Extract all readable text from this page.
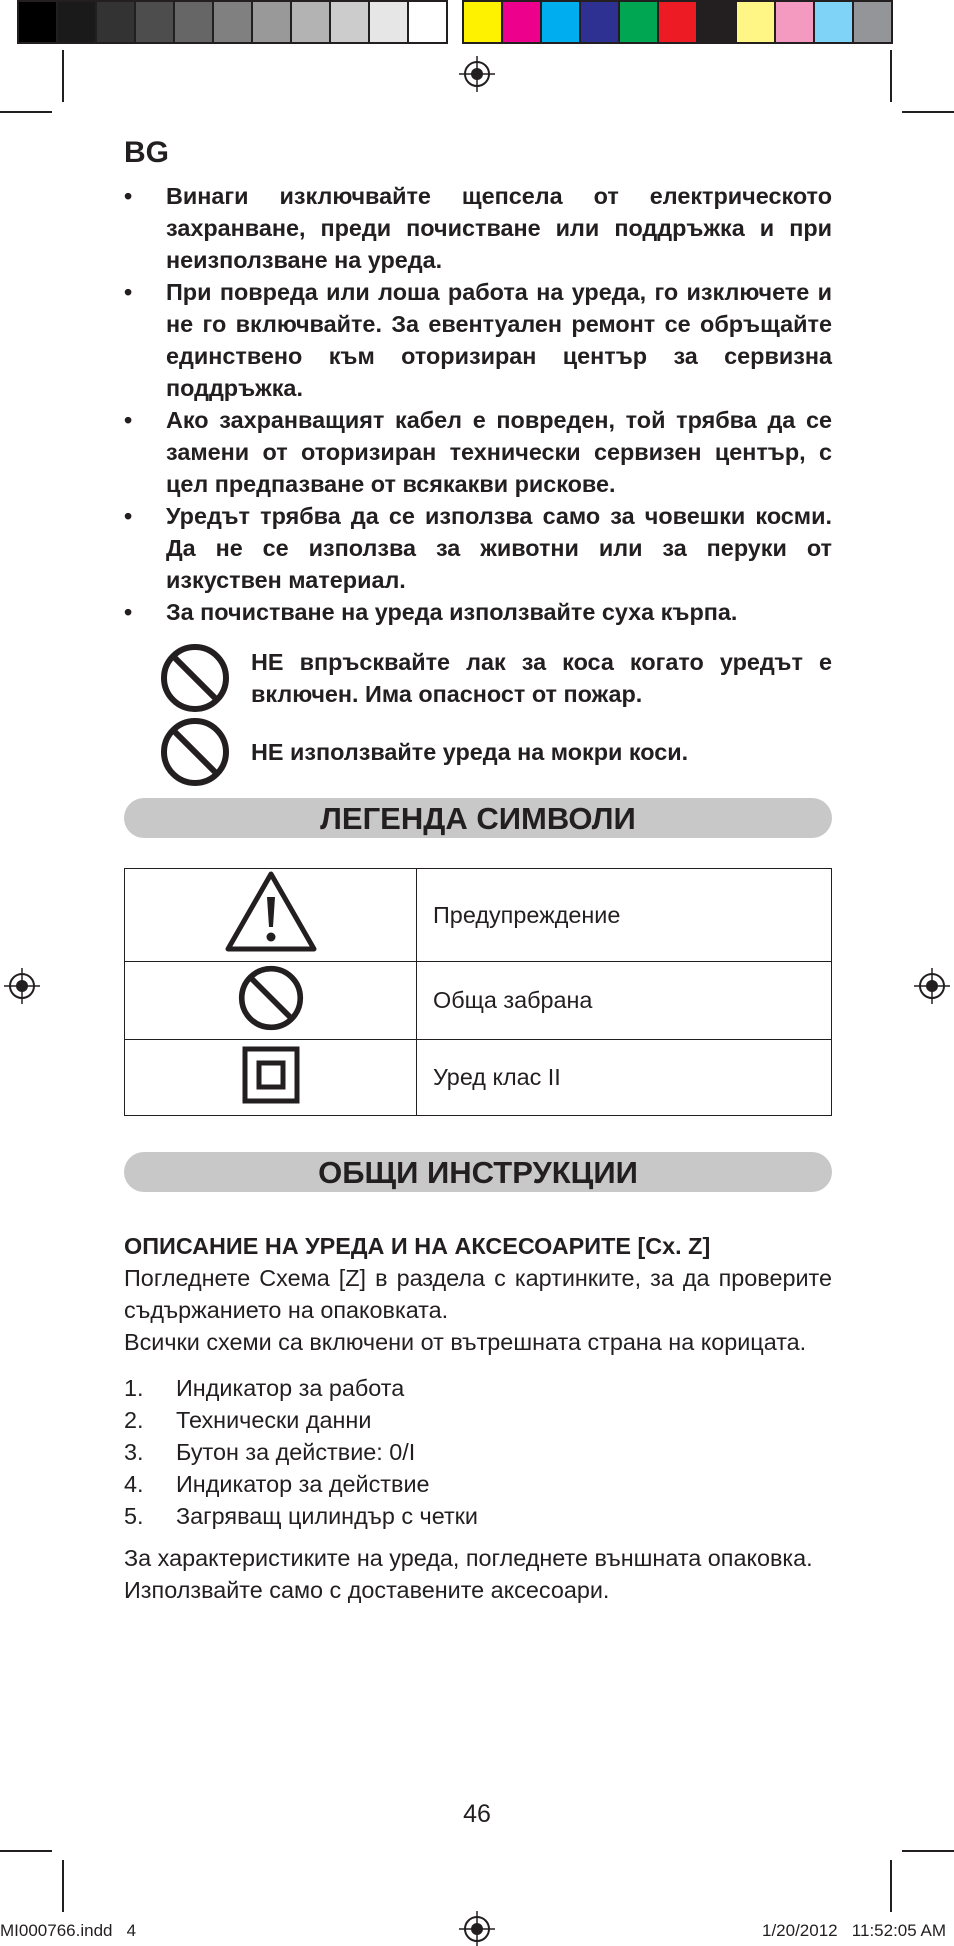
BG
• Винаги изключвайте щепсела от електрическото захранване, преди почистване или поддръжка и при неизползване на уреда.
• При повреда или лоша работа на уреда, го изключете и не го включвайте. За евентуален ремонт се обръщайте единствено към оторизиран център за сервизна поддръжка.
• Ако захранващият кабел е повреден, той трябва да се замени от оторизиран технически сервизен център, с цел предпазване от всякакви рискове.
• Уредът трябва да се използва само за човешки косми. Да не се използва за животни или за перуки от изкуствен материал.
• За почистване на уреда използвайте суха кърпа.
НЕ впръсквайте лак за коса когато уредът е включен. Има опасност от пожар.
НЕ използвайте уреда на мокри коси.
ЛЕГЕНДА СИМВОЛИ
	Предупреждение
	Обща забрана
	Уред клас II
ОБЩИ ИНСТРУКЦИИ
ОПИСАНИЕ НА УРЕДА И НА АКСЕСОАРИТЕ [Cx. Z]

Погледнете Схема [Z] в раздела с картинките, за да проверите съдържанието на опаковката.

Всички схеми са включени от вътрешната страна на корицата.

1.	Индикатор за работа
2.	Технически данни
3.	Бутон за действие: 0/I
4.	Индикатор за действие
5.	Загряващ цилиндър с четки

За характеристиките на уреда, погледнете външната опаковка.

Използвайте само с доставените аксесоари.

46
MI000766.indd   4	1/20/2012   11:52:05 AM
